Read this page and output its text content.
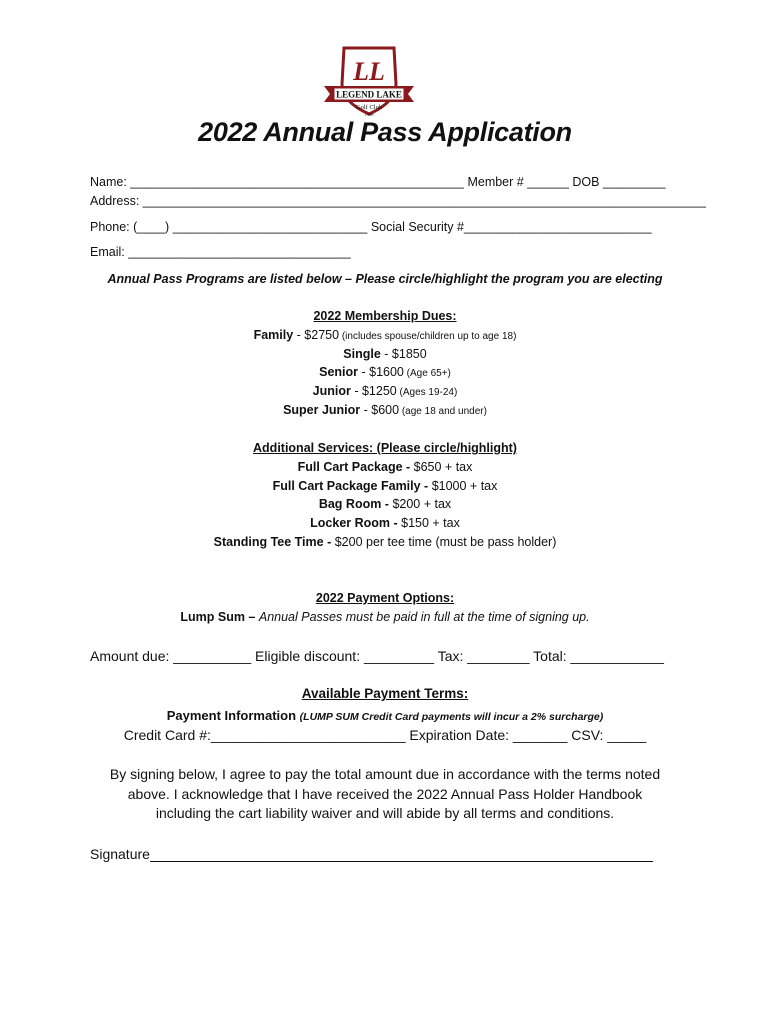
LL
LEGEND LAKE
Golf Club
1968
2022 Annual Pass Application
Name: ________________________________________________ Member # ______ DOB _________
Address: _________________________________________________________________________________
Phone: (____) ____________________________ Social Security #___________________________
Email: ________________________________
Annual Pass Programs are listed below – Please circle/highlight the program you are electing
2022 Membership Dues:
Family - $2750 (includes spouse/children up to age 18)
Single - $1850
Senior - $1600 (Age 65+)
Junior - $1250 (Ages 19-24)
Super Junior - $600 (age 18 and under)
Additional Services: (Please circle/highlight)
Full Cart Package - $650 + tax
Full Cart Package Family - $1000 + tax
Bag Room - $200 + tax
Locker Room - $150 + tax
Standing Tee Time - $200 per tee time (must be pass holder)
2022 Payment Options:
Lump Sum – Annual Passes must be paid in full at the time of signing up.
Amount due: __________ Eligible discount: _________ Tax: ________ Total: ____________
Available Payment Terms:
Payment Information (LUMP SUM Credit Card payments will incur a 2% surcharge)
Credit Card #:_________________________ Expiration Date: _______ CSV: _____
By signing below, I agree to pay the total amount due in accordance with the terms noted
above. I acknowledge that I have received the 2022 Annual Pass Holder Handbook
including the cart liability waiver and will abide by all terms and conditions.
Signature
